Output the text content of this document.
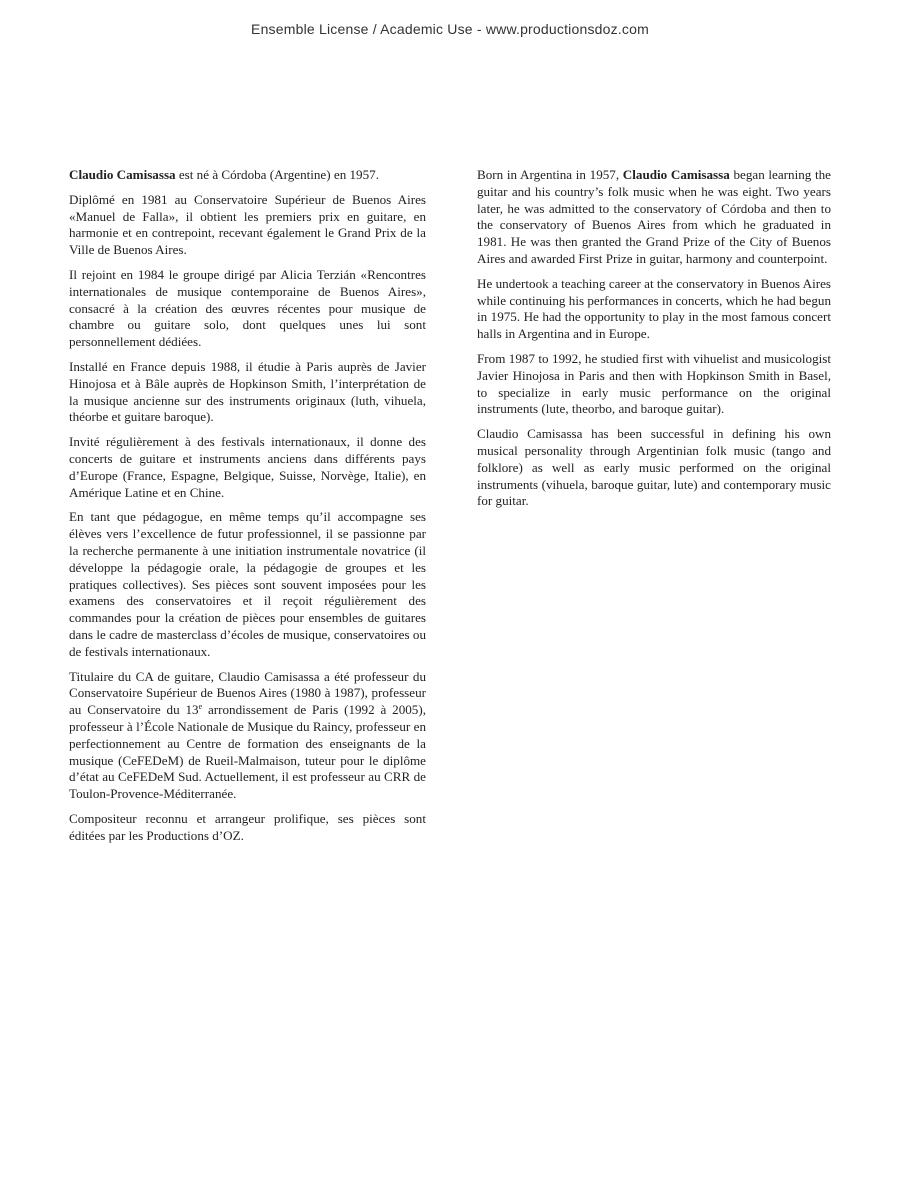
Ensemble License / Academic Use - www.productionsdoz.com

Claudio Camisassa est né à Córdoba (Argentine) en 1957.

Diplômé en 1981 au Conservatoire Supérieur de Buenos Aires «Manuel de Falla», il obtient les premiers prix en guitare, en harmonie et en contrepoint, recevant également le Grand Prix de la Ville de Buenos Aires.

Il rejoint en 1984 le groupe dirigé par Alicia Terzián «Rencontres internationales de musique contemporaine de Buenos Aires», consacré à la création des œuvres récentes pour musique de chambre ou guitare solo, dont quelques unes lui sont personnellement dédiées.

Installé en France depuis 1988, il étudie à Paris auprès de Javier Hinojosa et à Bâle auprès de Hopkinson Smith, l’interprétation de la musique ancienne sur des instruments originaux (luth, vihuela, théorbe et guitare baroque).

Invité régulièrement à des festivals internationaux, il donne des concerts de guitare et instruments anciens dans différents pays d’Europe (France, Espagne, Belgique, Suisse, Norvège, Italie), en Amérique Latine et en Chine.

En tant que pédagogue, en même temps qu’il accompagne ses élèves vers l’excellence de futur professionnel, il se passionne par la recherche permanente à une initiation instrumentale novatrice (il développe la pédagogie orale, la pédagogie de groupes et les pratiques collectives). Ses pièces sont souvent imposées pour les examens des conservatoires et il reçoit régulièrement des commandes pour la création de pièces pour ensembles de guitares dans le cadre de masterclass d’écoles de musique, conservatoires ou de festivals internationaux.

Titulaire du CA de guitare, Claudio Camisassa a été professeur du Conservatoire Supérieur de Buenos Aires (1980 à 1987), professeur au Conservatoire du 13e arrondissement de Paris (1992 à 2005), professeur à l’École Nationale de Musique du Raincy, professeur en perfectionnement au Centre de formation des enseignants de la musique (CeFEDeM) de Rueil-Malmaison, tuteur pour le diplôme d’état au CeFEDeM Sud. Actuellement, il est professeur au CRR de Toulon-Provence-Méditerranée.

Compositeur reconnu et arrangeur prolifique, ses pièces sont éditées par les Productions d’OZ.

Born in Argentina in 1957, Claudio Camisassa began learning the guitar and his country’s folk music when he was eight. Two years later, he was admitted to the conservatory of Córdoba and then to the conservatory of Buenos Aires from which he graduated in 1981. He was then granted the Grand Prize of the City of Buenos Aires and awarded First Prize in guitar, harmony and counterpoint.

He undertook a teaching career at the conservatory in Buenos Aires while continuing his performances in concerts, which he had begun in 1975. He had the opportunity to play in the most famous concert halls in Argentina and in Europe.

From 1987 to 1992, he studied first with vihuelist and musicologist Javier Hinojosa in Paris and then with Hopkinson Smith in Basel, to specialize in early music performance on the original instruments (lute, theorbo, and baroque guitar).

Claudio Camisassa has been successful in defining his own musical personality through Argentinian folk music (tango and folklore) as well as early music performed on the original instruments (vihuela, baroque guitar, lute) and contemporary music for guitar.
